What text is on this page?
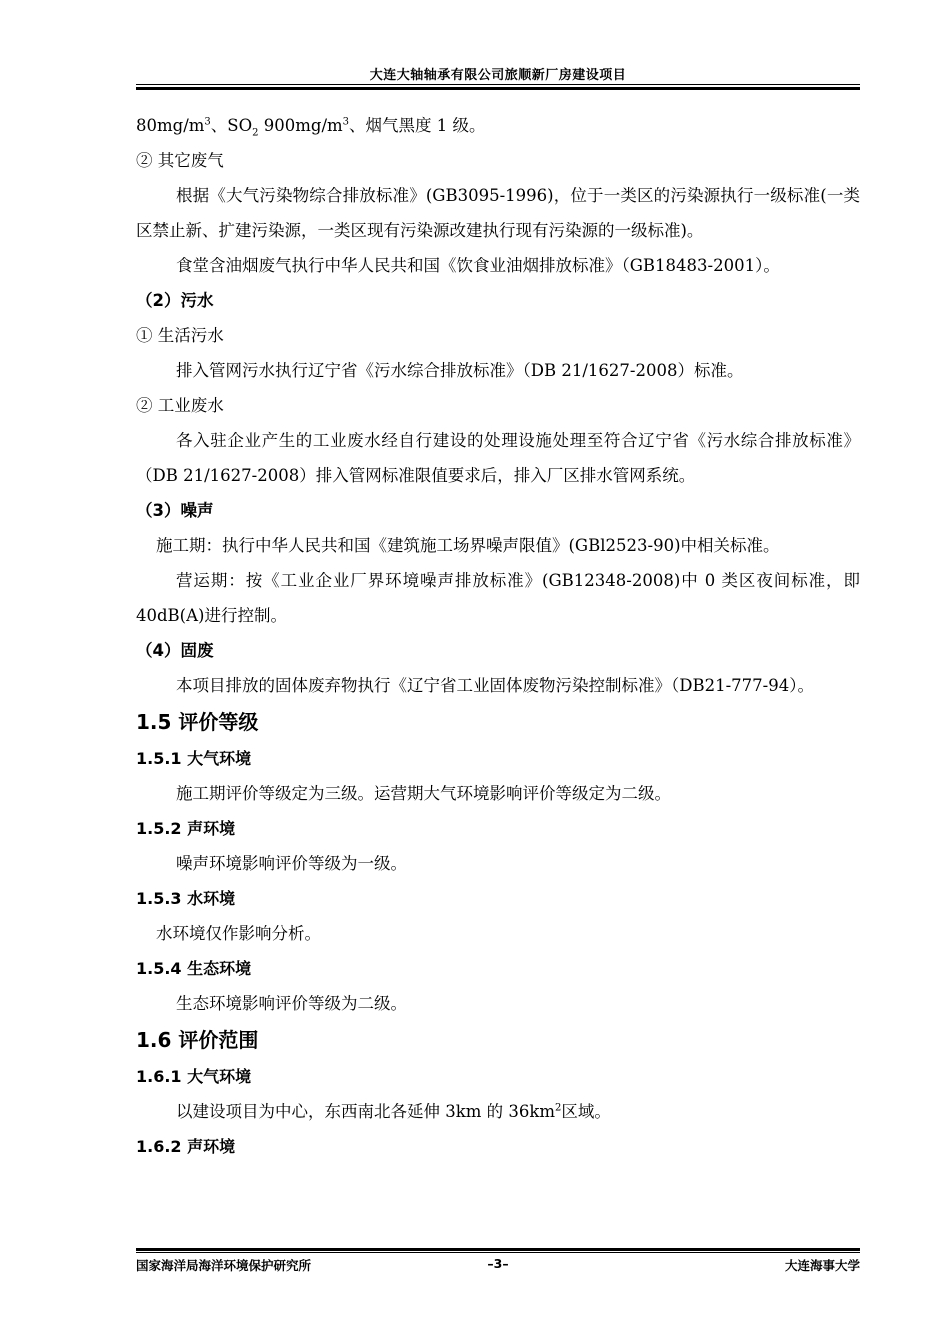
大连大轴轴承有限公司旅顺新厂房建设项目
$80mg/m^3$、$SO_2$ $900mg/m^3$、烟气黑度 1 级。
② 其它废气
根据《大气污染物综合排放标准》(GB3095-1996)，位于一类区的污染源执行一级标准(一类区禁止新、扩建污染源，一类区现有污染源改建执行现有污染源的一级标准)。
食堂含油烟废气执行中华人民共和国《饮食业油烟排放标准》（GB18483-2001）。
（2）污水
① 生活污水
排入管网污水执行辽宁省《污水综合排放标准》（DB 21/1627-2008）标准。
② 工业废水
各入驻企业产生的工业废水经自行建设的处理设施处理至符合辽宁省《污水综合排放标准》（DB 21/1627-2008）排入管网标准限值要求后，排入厂区排水管网系统。
（3）噪声
施工期：执行中华人民共和国《建筑施工场界噪声限值》(GBl2523-90)中相关标准。
营运期：按《工业企业厂界环境噪声排放标准》(GB12348-2008)中 0 类区夜间标准，即 40dB(A)进行控制。
（4）固废
本项目排放的固体废弃物执行《辽宁省工业固体废物污染控制标准》（DB21-777-94）。
1.5 评价等级
1.5.1 大气环境
施工期评价等级定为三级。运营期大气环境影响评价等级定为二级。
1.5.2 声环境
噪声环境影响评价等级为一级。
1.5.3 水环境
水环境仅作影响分析。
1.5.4 生态环境
生态环境影响评价等级为二级。
1.6 评价范围
1.6.1 大气环境
以建设项目为中心，东西南北各延伸 3km 的 $36km^2$区域。
1.6.2 声环境
国家海洋局海洋环境保护研究所	–3–	大连海事大学
